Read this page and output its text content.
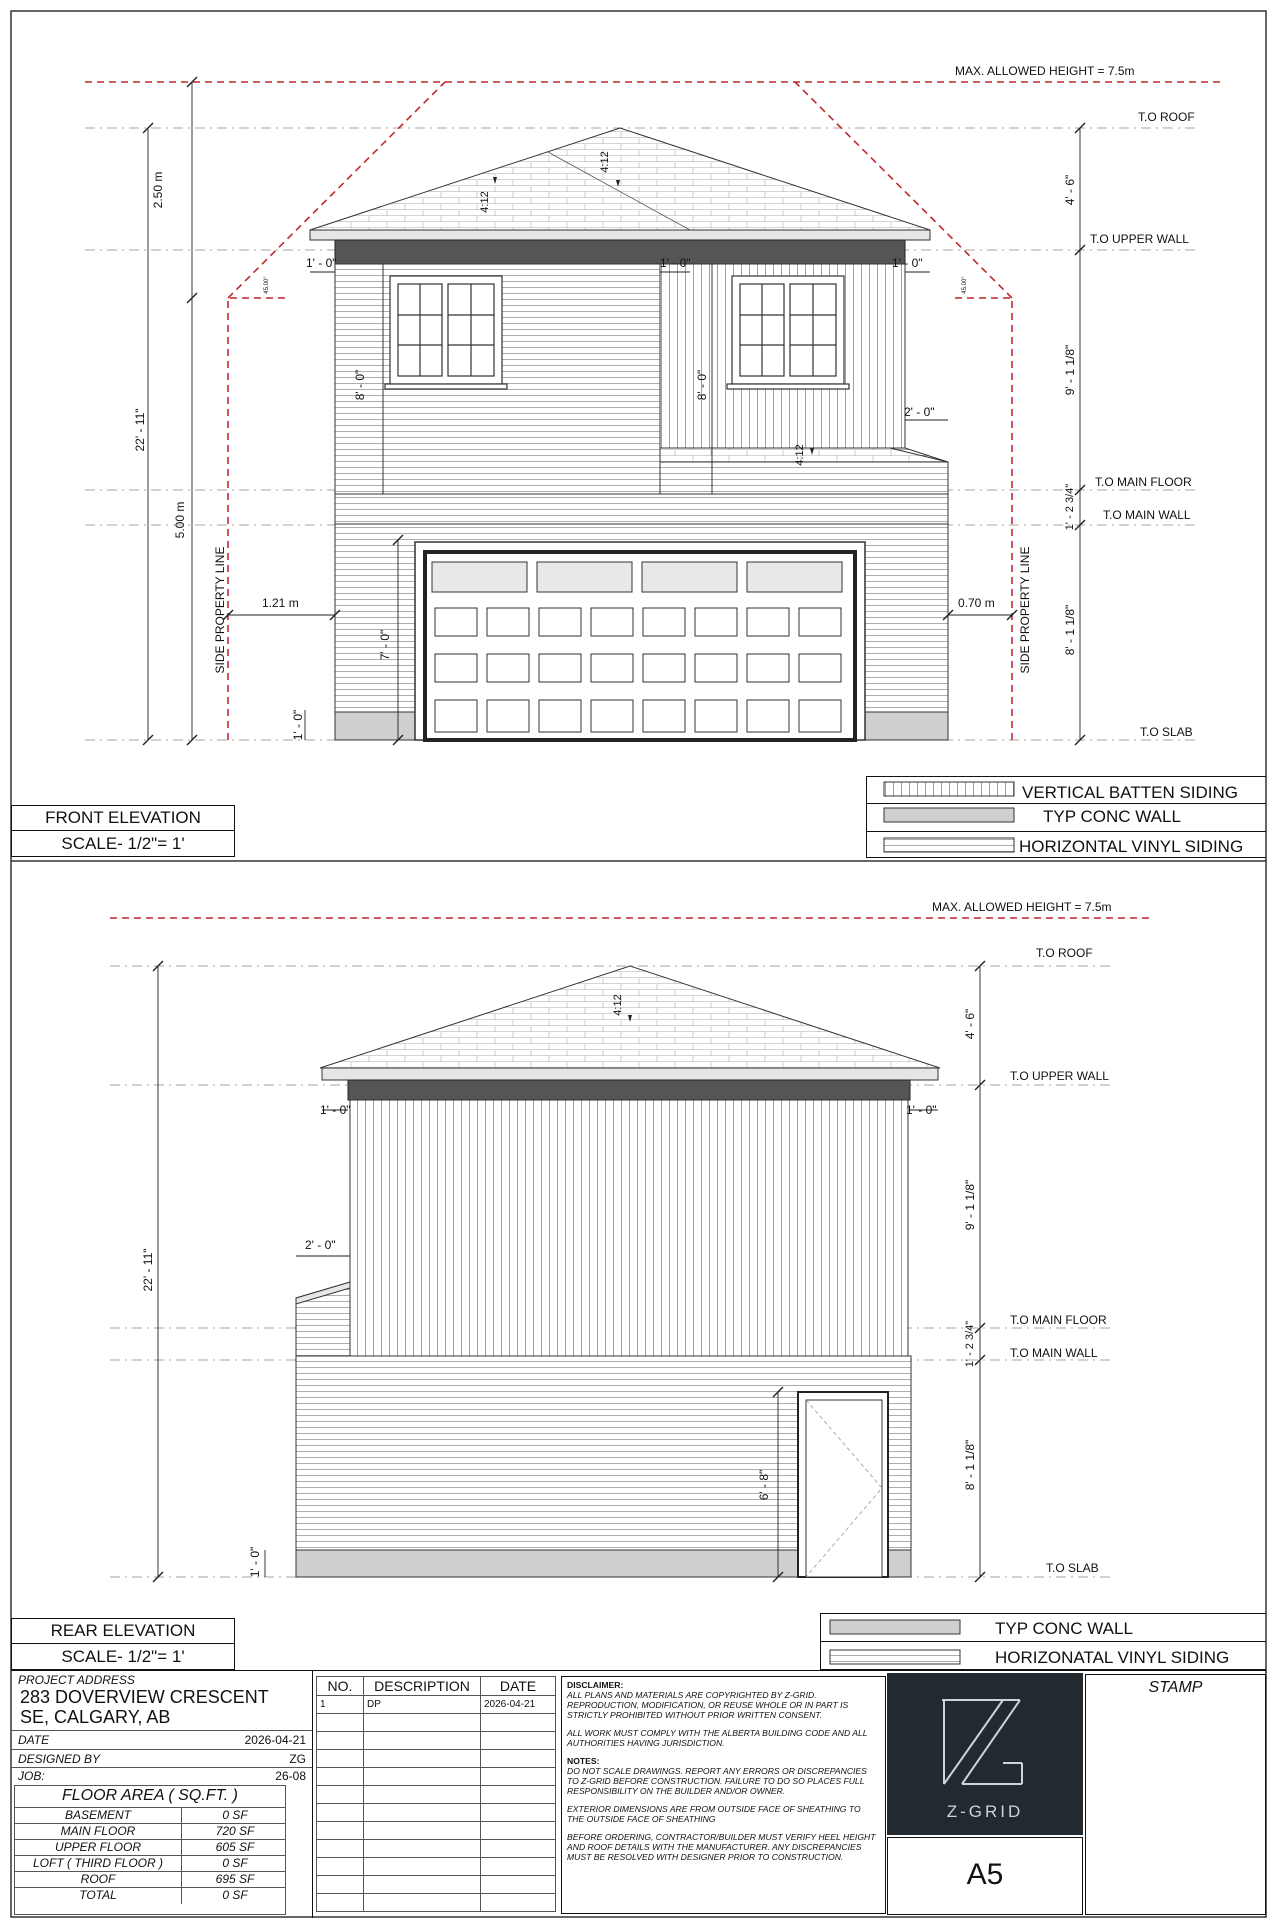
MAX. ALLOWED HEIGHT = 7.5m
T.O ROOF
T.O UPPER WALL
T.O MAIN FLOOR
T.O MAIN WALL
T.O SLAB
2.50 m
22' - 11"
5.00 m
SIDE PROPERTY LINE	SIDE PROPERTY LINE
1.21 m	0.70 m
4' - 6"
9' - 1 1/8"
1' - 2 3/4"
8' - 1 1/8"
8' - 0"	8' - 0"
7' - 0"
1' - 0"
1' - 0"	1' - 0"	1' - 0"
2' - 0"
4:12
4:12
4:12
45.00°	45.00°
FRONT ELEVATION
SCALE- 1/2"= 1'
VERTICAL BATTEN SIDING
TYP CONC WALL
HORIZONTAL VINYL SIDING
MAX. ALLOWED HEIGHT = 7.5m
T.O ROOF
T.O UPPER WALL
T.O MAIN FLOOR
T.O MAIN WALL
T.O SLAB
22' - 11"
4' - 6"
9' - 1 1/8"
1' - 2 3/4"
8' - 1 1/8"
6' - 8"
1' - 0"
1' - 0"	1' - 0"
2' - 0"
4:12
REAR ELEVATION
SCALE- 1/2"= 1'
TYP CONC WALL
HORIZONATAL VINYL SIDING
PROJECT ADDRESS
283 DOVERVIEW CRESCENT
SE, CALGARY, AB
DATE	2026-04-21
DESIGNED BY	ZG
JOB:	26-08
FLOOR AREA ( SQ.FT. )
BASEMENT	0 SF
MAIN FLOOR	720 SF
UPPER FLOOR	605 SF
LOFT ( THIRD FLOOR )	0 SF
ROOF	695 SF
TOTAL	0 SF
NO.	DESCRIPTION	DATE
1	DP	2026-04-21

DISCLAIMER:
ALL PLANS AND MATERIALS ARE COPYRIGHTED BY Z-GRID. REPRODUCTION, MODIFICATION, OR REUSE WHOLE OR IN PART IS STRICTLY PROHIBITED WITHOUT PRIOR WRITTEN CONSENT.
ALL WORK MUST COMPLY WITH THE ALBERTA BUILDING CODE AND ALL AUTHORITIES HAVING JURISDICTION.
NOTES:
DO NOT SCALE DRAWINGS. REPORT ANY ERRORS OR DISCREPANCIES TO Z-GRID BEFORE CONSTRUCTION. FAILURE TO DO SO PLACES FULL RESPONSIBILITY ON THE BUILDER AND/OR OWNER.
EXTERIOR DIMENSIONS ARE FROM OUTSIDE FACE OF SHEATHING TO THE OUTSIDE FACE OF SHEATHING
BEFORE ORDERING, CONTRACTOR/BUILDER MUST VERIFY HEEL HEIGHT AND ROOF DETAILS WITH THE MANUFACTURER. ANY DISCREPANCIES MUST BE RESOLVED WITH DESIGNER PRIOR TO CONSTRUCTION.
Z-GRID
A5
STAMP
